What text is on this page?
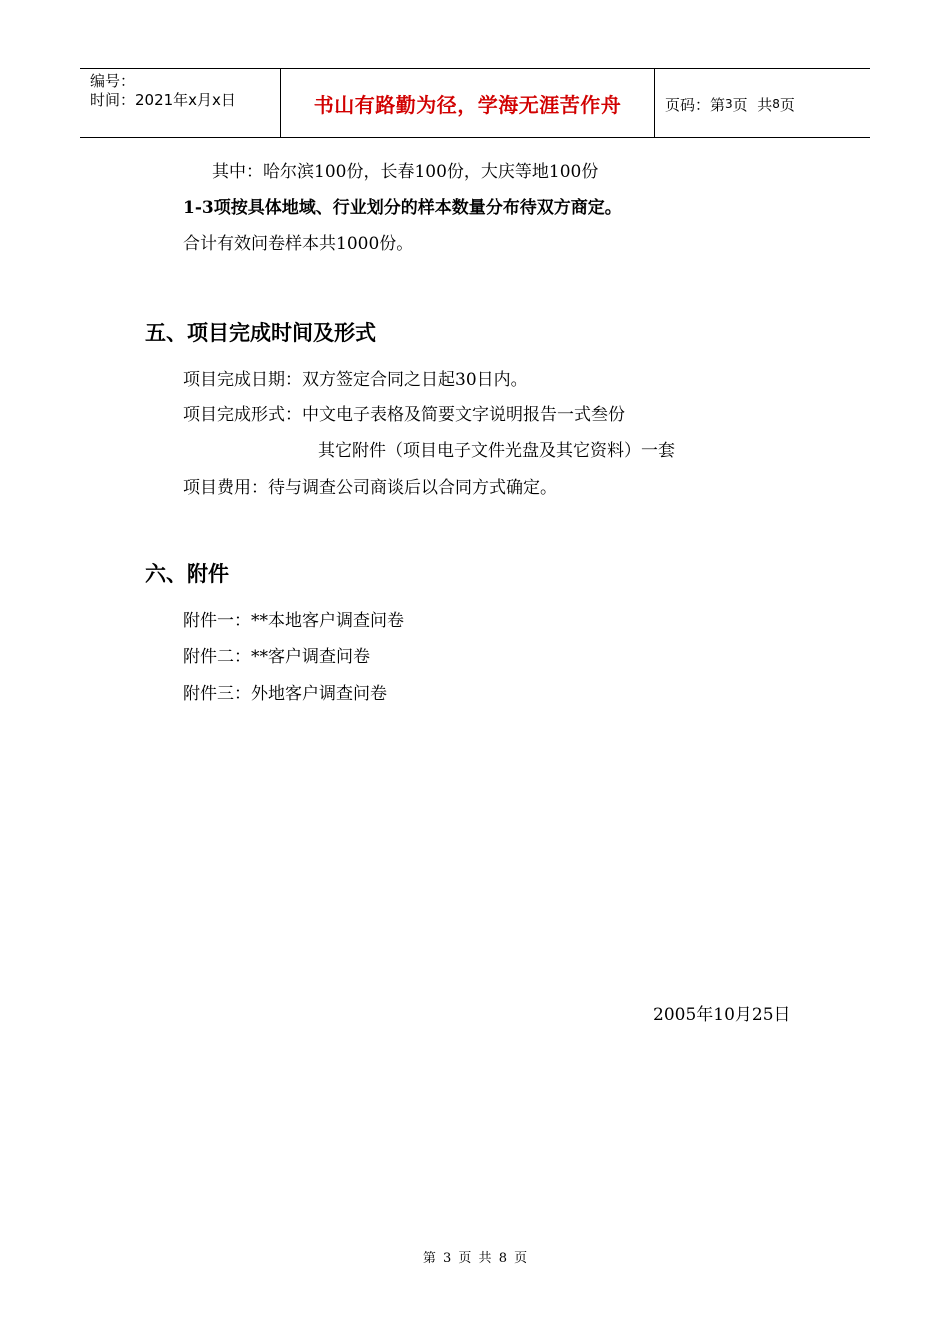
编号：
时间：2021年x月x日	书山有路勤为径，学海无涯苦作舟	页码：第 3 页  共 8 页
其中：哈尔滨100份，长春100份，大庆等地100份
1-3项按具体地域、行业划分的样本数量分布待双方商定。
合计有效问卷样本共1000份。
五、项目完成时间及形式
项目完成日期：双方签定合同之日起30日内。
项目完成形式：中文电子表格及简要文字说明报告一式叁份
其它附件（项目电子文件光盘及其它资料）一套
项目费用：待与调查公司商谈后以合同方式确定。
六、附件
附件一：**本地客户调查问卷
附件二：**客户调查问卷
附件三：外地客户调查问卷
2005年10月25日
第 3 页 共 8 页
